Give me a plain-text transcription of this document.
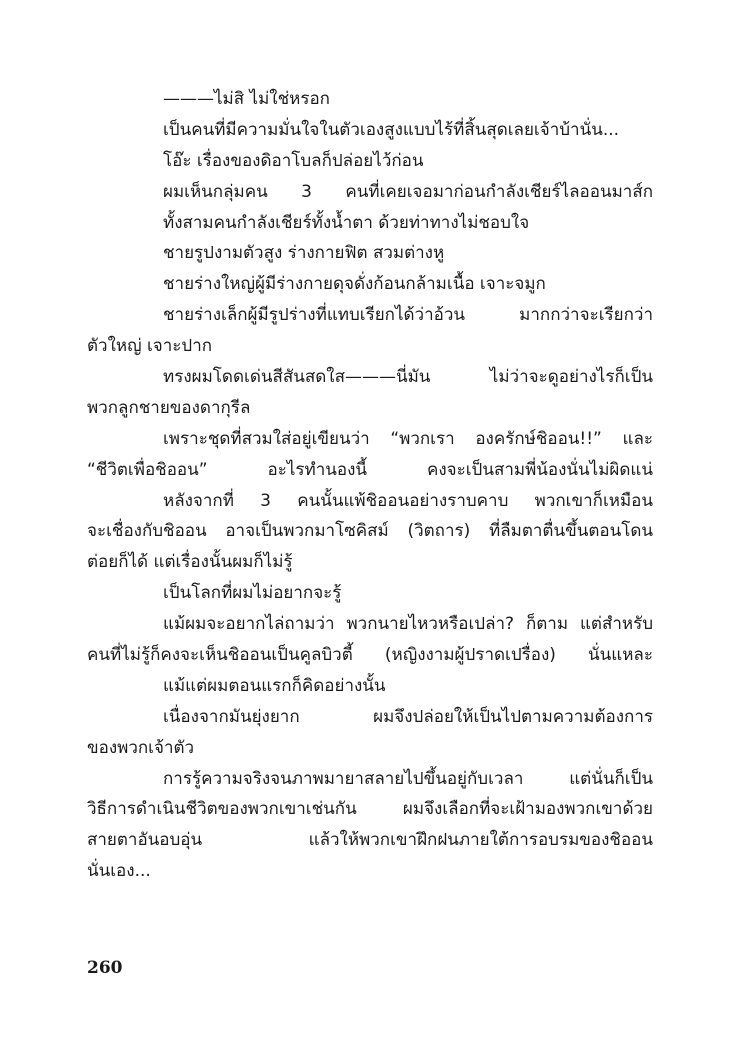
———ไม่สิ ไม่ใช่หรอก
เป็นคนที่มีความมั่นใจในตัวเองสูงแบบไร้ที่สิ้นสุดเลยเจ้าบ้านั่น...
โอ๊ะ เรื่องของดิอาโบลก็ปล่อยไว้ก่อน
ผมเห็นกลุ่มคน 3 คนที่เคยเจอมาก่อนกำลังเชียร์ไลออนมาส์ก
ทั้งสามคนกำลังเชียร์ทั้งน้ำตา ด้วยท่าทางไม่ชอบใจ
ชายรูปงามตัวสูง ร่างกายฟิต สวมต่างหู
ชายร่างใหญ่ผู้มีร่างกายดุจดั่งก้อนกล้ามเนื้อ เจาะจมูก
ชายร่างเล็กผู้มีรูปร่างที่แทบเรียกได้ว่าอ้วน มากกว่าจะเรียกว่า
ตัวใหญ่ เจาะปาก
ทรงผมโดดเด่นสีสันสดใส———นี่มัน ไม่ว่าจะดูอย่างไรก็เป็น
พวกลูกชายของดากุรีล
เพราะชุดที่สวมใส่อยู่เขียนว่า “พวกเรา องครักษ์ชิออน!!” และ
“ชีวิตเพื่อชิออน” อะไรทำนองนี้ คงจะเป็นสามพี่น้องนั่นไม่ผิดแน่
หลังจากที่ 3 คนนั้นแพ้ชิออนอย่างราบคาบ พวกเขาก็เหมือน
จะเชื่องกับชิออน อาจเป็นพวกมาโซคิสม์ (วิตถาร) ที่ลืมตาตื่นขึ้นตอนโดน
ต่อยก็ได้ แต่เรื่องนั้นผมก็ไม่รู้
เป็นโลกที่ผมไม่อยากจะรู้
แม้ผมจะอยากไล่ถามว่า พวกนายไหวหรือเปล่า? ก็ตาม แต่สำหรับ
คนที่ไม่รู้ก็คงจะเห็นชิออนเป็นคูลบิวตี้ (หญิงงามผู้ปราดเปรื่อง) นั่นแหละ
แม้แต่ผมตอนแรกก็คิดอย่างนั้น
เนื่องจากมันยุ่งยาก ผมจึงปล่อยให้เป็นไปตามความต้องการ
ของพวกเจ้าตัว
การรู้ความจริงจนภาพมายาสลายไปขึ้นอยู่กับเวลา แต่นั่นก็เป็น
วิธีการดำเนินชีวิตของพวกเขาเช่นกัน ผมจึงเลือกที่จะเฝ้ามองพวกเขาด้วย
สายตาอันอบอุ่น แล้วให้พวกเขาฝึกฝนภายใต้การอบรมของชิออน
นั่นเอง...
260
